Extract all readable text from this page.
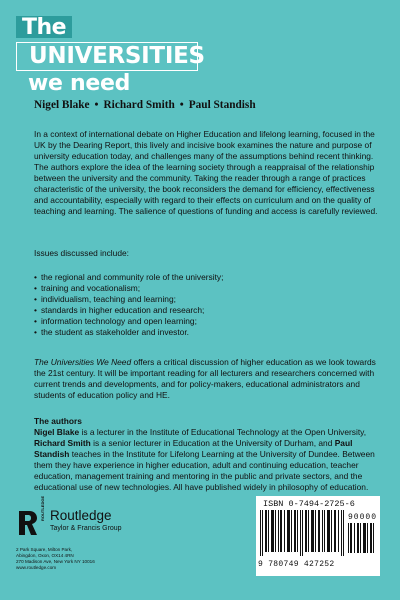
The
UNIVERSITIES
we need
Nigel Blake • Richard Smith • Paul Standish

In a context of international debate on Higher Education and lifelong learning, focused in the UK by the Dearing Report, this lively and incisive book examines the nature and purpose of university education today, and challenges many of the assumptions behind recent thinking. The authors explore the idea of the learning society through a reappraisal of the relationship between the university and the community. Taking the reader through a range of practices characteristic of the university, the book reconsiders the demand for efficiency, effectiveness and accountability, especially with regard to their effects on curriculum and on the quality of teaching and learning. The salience of questions of funding and access is carefully reviewed.

Issues discussed include:

• the regional and community role of the university;
• training and vocationalism;
• individualism, teaching and learning;
• standards in higher education and research;
• information technology and open learning;
• the student as stakeholder and investor.

The Universities We Need offers a critical discussion of higher education as we look towards the 21st century. It will be important reading for all lecturers and researchers concerned with current trends and developments, and for policy-makers, educational administrators and students of education policy and HE.

The authors

Nigel Blake is a lecturer in the Institute of Educational Technology at the Open University, Richard Smith is a senior lecturer in Education at the University of Durham, and Paul Standish teaches in the Institute for Lifelong Learning at the University of Dundee. Between them they have experience in higher education, adult and continuing education, teacher education, management training and mentoring in the public and private sectors, and the educational use of new technologies. All have published widely in philosophy of education.

ISBN 0-7494-2725-6
90000
9 780749 427252
ROUTLEDGE Routledge
Taylor & Francis Group
2 Park Square, Milton Park,
Abingdon, Oxon, OX14 4RN
270 Madison Ave, New York NY 10016
www.routledge.com
